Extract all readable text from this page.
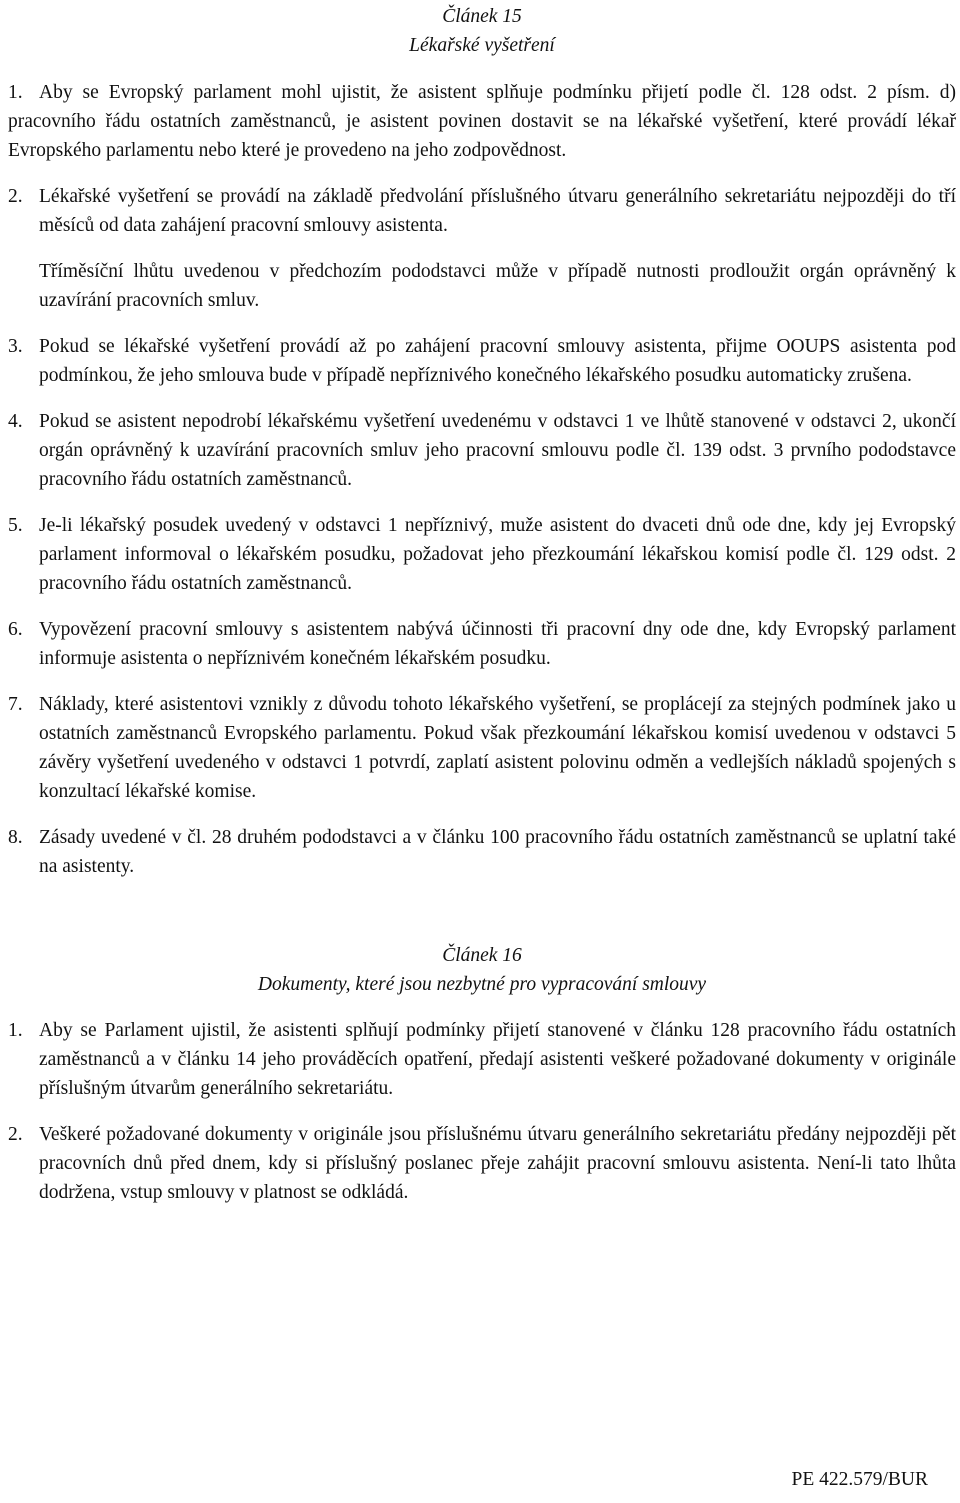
Článek 15

Lékařské vyšetření

1. Aby se Evropský parlament mohl ujistit, že asistent splňuje podmínku přijetí podle čl. 128 odst. 2 písm. d) pracovního řádu ostatních zaměstnanců, je asistent povinen dostavit se na lékařské vyšetření, které provádí lékař Evropského parlamentu nebo které je provedeno na jeho zodpovědnost.
2. Lékařské vyšetření se provádí na základě předvolání příslušného útvaru generálního sekretariátu nejpozději do tří měsíců od data zahájení pracovní smlouvy asistenta.
Tříměsíční lhůtu uvedenou v předchozím pododstavci může v případě nutnosti prodloužit orgán oprávněný k uzavírání pracovních smluv.
3. Pokud se lékařské vyšetření provádí až po zahájení pracovní smlouvy asistenta, přijme OOUPS asistenta pod podmínkou, že jeho smlouva bude v případě nepříznivého konečného lékařského posudku automaticky zrušena.
4. Pokud se asistent nepodrobí lékařskému vyšetření uvedenému v odstavci 1 ve lhůtě stanovené v odstavci 2, ukončí orgán oprávněný k uzavírání pracovních smluv jeho pracovní smlouvu podle čl. 139 odst. 3 prvního pododstavce pracovního řádu ostatních zaměstnanců.
5. Je-li lékařský posudek uvedený v odstavci 1 nepříznivý, muže asistent do dvaceti dnů ode dne, kdy jej Evropský parlament informoval o lékařském posudku, požadovat jeho přezkoumání lékařskou komisí podle čl. 129 odst. 2 pracovního řádu ostatních zaměstnanců.
6. Vypovězení pracovní smlouvy s asistentem nabývá účinnosti tři pracovní dny ode dne, kdy Evropský parlament informuje asistenta o nepříznivém konečném lékařském posudku.
7. Náklady, které asistentovi vznikly z důvodu tohoto lékařského vyšetření, se proplácejí za stejných podmínek jako u ostatních zaměstnanců Evropského parlamentu. Pokud však přezkoumání lékařskou komisí uvedenou v odstavci 5 závěry vyšetření uvedeného v odstavci 1 potvrdí, zaplatí asistent polovinu odměn a vedlejších nákladů spojených s konzultací lékařské komise.
8. Zásady uvedené v čl. 28 druhém pododstavci a v článku 100 pracovního řádu ostatních zaměstnanců se uplatní také na asistenty.

Článek 16

Dokumenty, které jsou nezbytné pro vypracování smlouvy

1. Aby se Parlament ujistil, že asistenti splňují podmínky přijetí stanovené v článku 128 pracovního řádu ostatních zaměstnanců a v článku 14 jeho prováděcích opatření, předají asistenti veškeré požadované dokumenty v originále příslušným útvarům generálního sekretariátu.
2. Veškeré požadované dokumenty v originále jsou příslušnému útvaru generálního sekretariátu předány nejpozději pět pracovních dnů před dnem, kdy si příslušný poslanec přeje zahájit pracovní smlouvu asistenta. Není-li tato lhůta dodržena, vstup smlouvy v platnost se odkládá.
PE 422.579/BUR
